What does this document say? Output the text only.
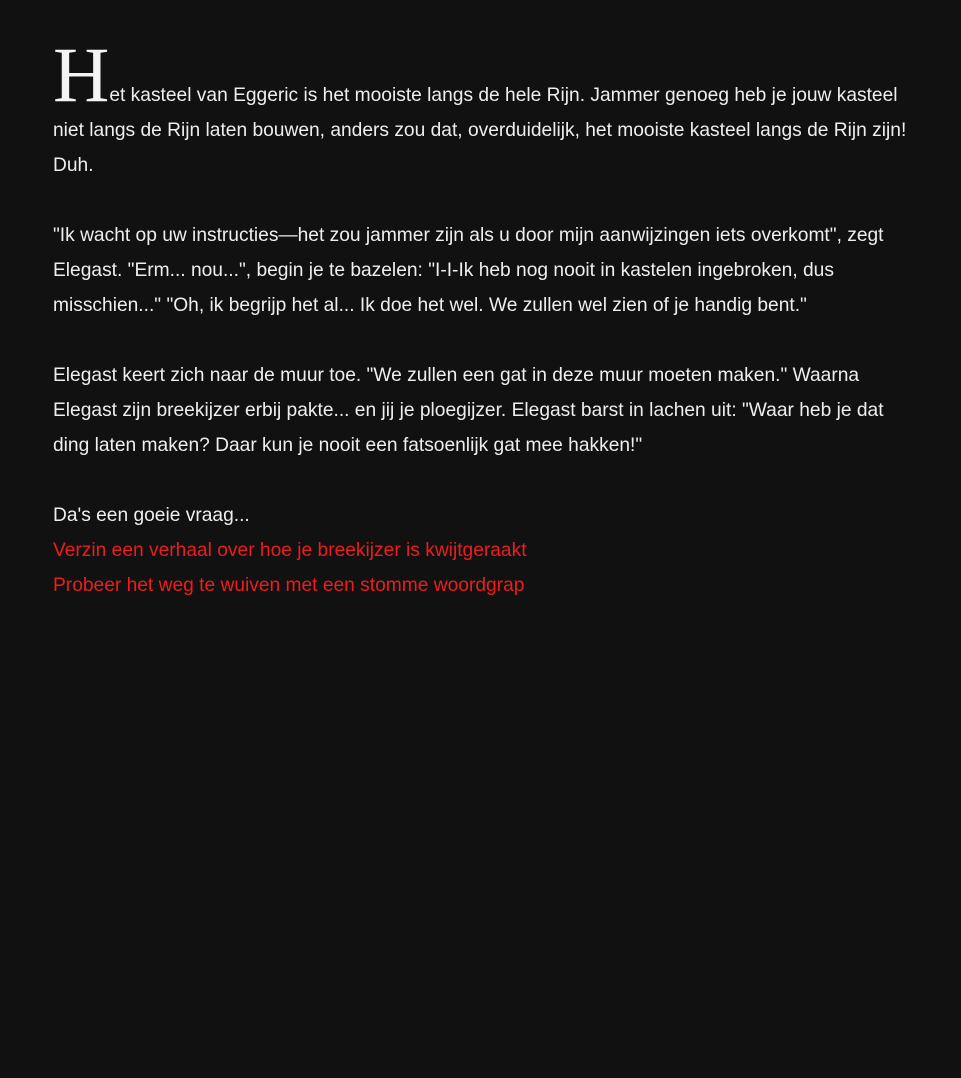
Het kasteel van Eggeric is het mooiste langs de hele Rijn. Jammer genoeg heb je jouw kasteel niet langs de Rijn laten bouwen, anders zou dat, overduidelijk, het mooiste kasteel langs de Rijn zijn! Duh.

"Ik wacht op uw instructies—het zou jammer zijn als u door mijn aanwijzingen iets overkomt", zegt Elegast. "Erm... nou...", begin je te bazelen: "I-I-Ik heb nog nooit in kastelen ingebroken, dus misschien..." "Oh, ik begrijp het al... Ik doe het wel. We zullen wel zien of je handig bent."

Elegast keert zich naar de muur toe. "We zullen een gat in deze muur moeten maken." Waarna Elegast zijn breekijzer erbij pakte... en jij je ploegijzer. Elegast barst in lachen uit: "Waar heb je dat ding laten maken? Daar kun je nooit een fatsoenlijk gat mee hakken!"

Da's een goeie vraag...
Verzin een verhaal over hoe je breekijzer is kwijtgeraakt
Probeer het weg te wuiven met een stomme woordgrap
